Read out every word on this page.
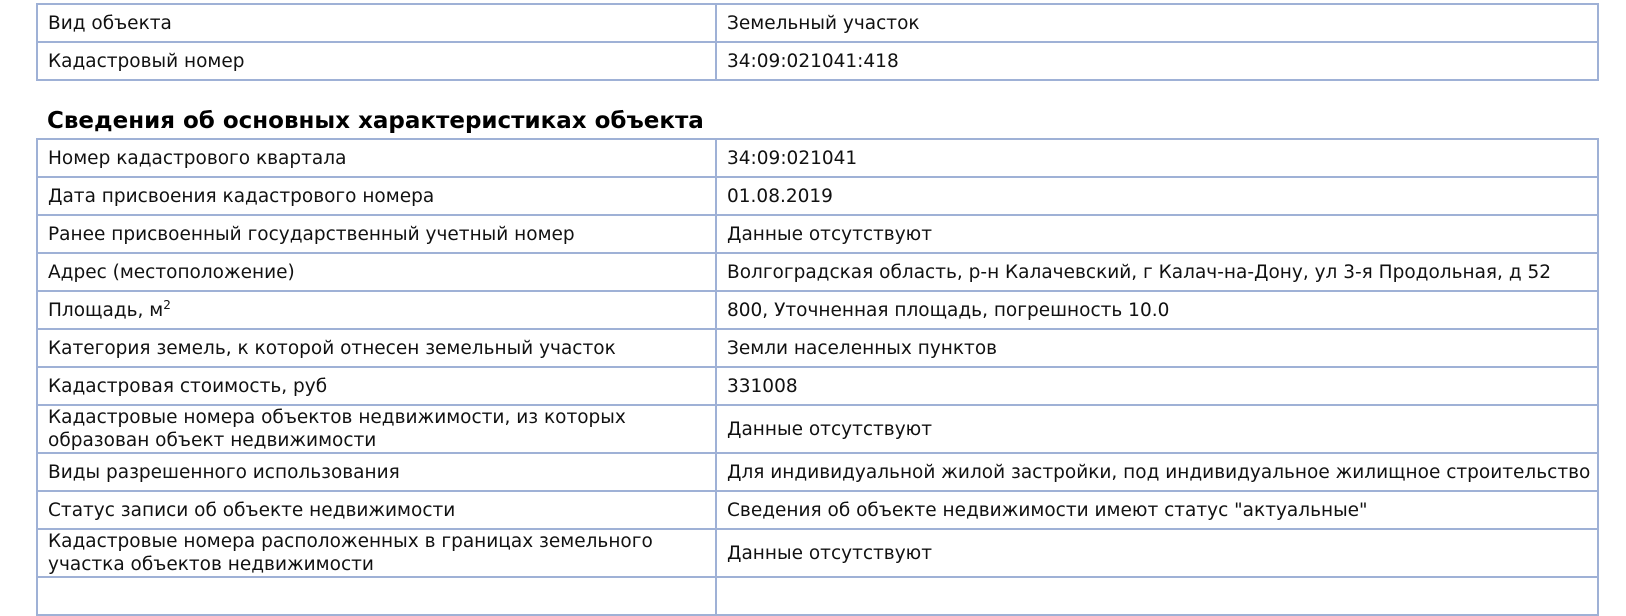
Вид объекта	Земельный участок
Кадастровый номер	34:09:021041:418
Сведения об основных характеристиках объекта
Номер кадастрового квартала	34:09:021041
Дата присвоения кадастрового номера	01.08.2019
Ранее присвоенный государственный учетный номер	Данные отсутствуют
Адрес (местоположение)	Волгоградская область, р-н Калачевский, г Калач-на-Дону, ул 3-я Продольная, д 52
Площадь, $м^2$	800, Уточненная площадь, погрешность 10.0
Категория земель, к которой отнесен земельный участок	Земли населенных пунктов
Кадастровая стоимость, руб	331008
Кадастровые номера объектов недвижимости, из которых образован объект недвижимости	Данные отсутствуют
Виды разрешенного использования	Для индивидуальной жилой застройки, под индивидуальное жилищное строительство
Статус записи об объекте недвижимости	Сведения об объекте недвижимости имеют статус "актуальные"
Кадастровые номера расположенных в границах земельного участка объектов недвижимости	Данные отсутствуют
